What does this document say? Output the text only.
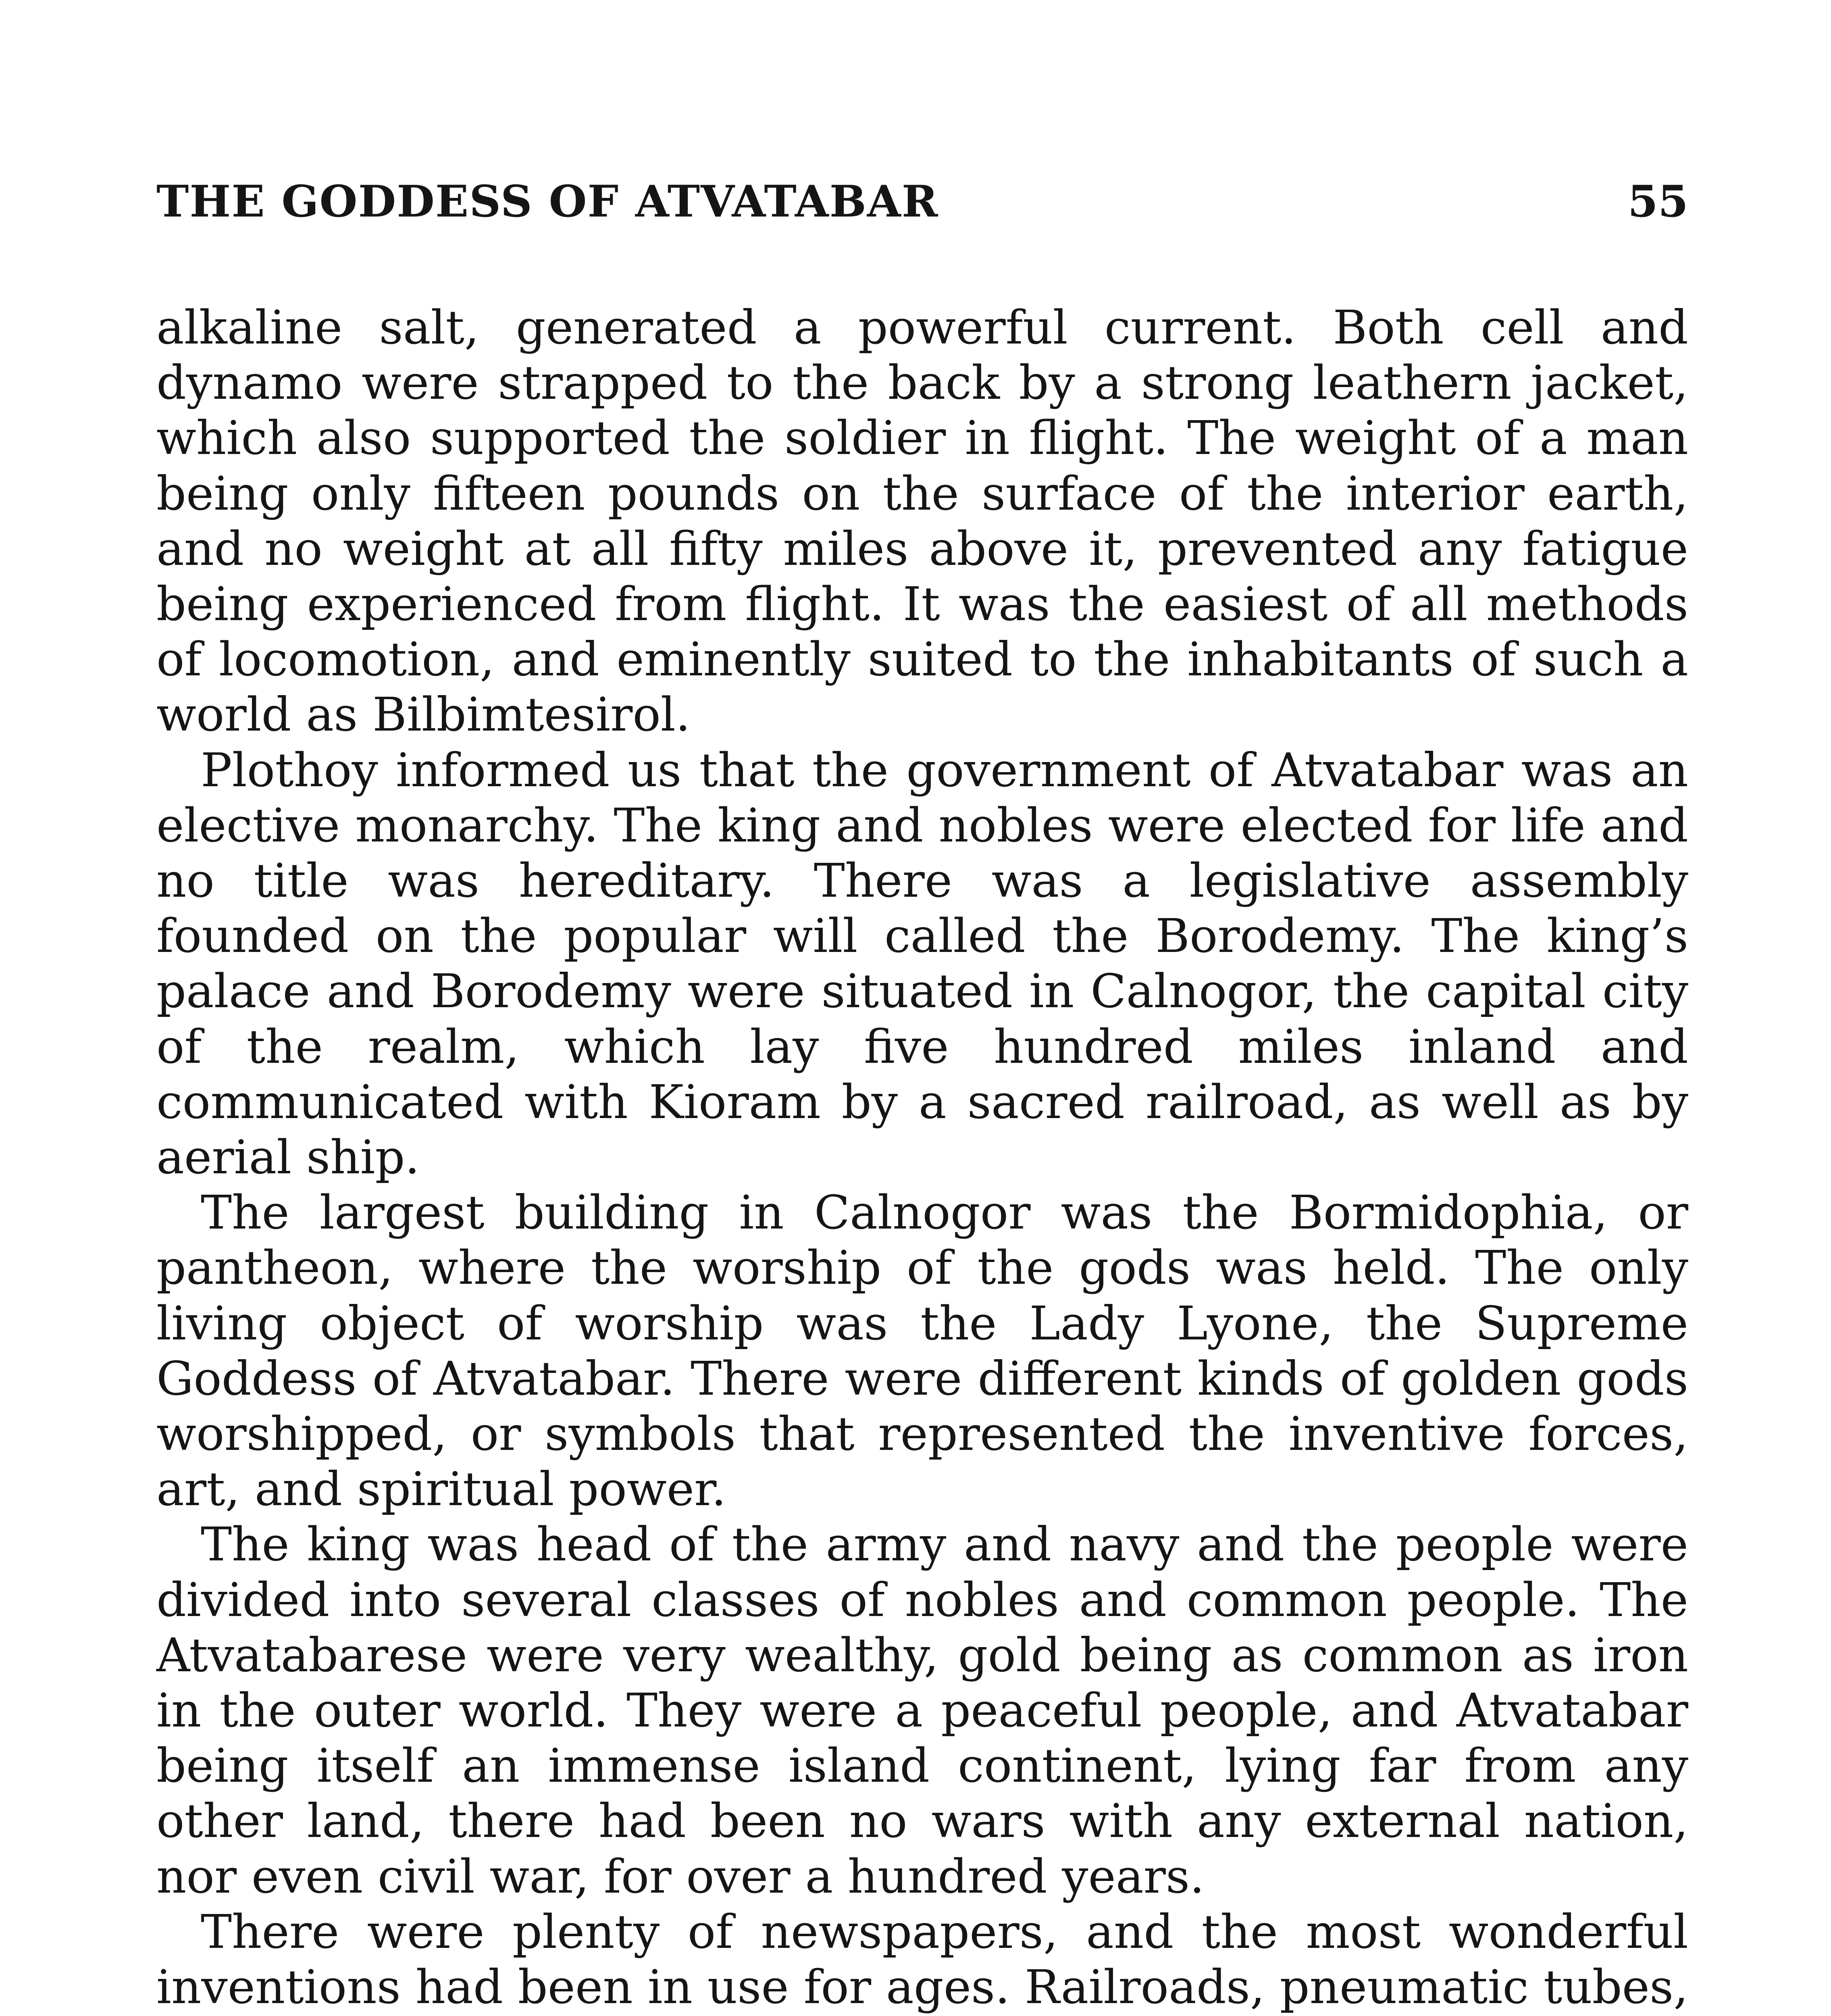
THE GODDESS OF ATVATABAR	55

alkaline salt, generated a powerful current. Both cell and dynamo were strapped to the back by a strong leathern jacket, which also supported the soldier in flight. The weight of a man being only fifteen pounds on the surface of the interior earth, and no weight at all fifty miles above it, prevented any fatigue being experienced from flight. It was the easiest of all methods of locomotion, and eminently suited to the inhabitants of such a world as Bilbimtesirol.

Plothoy informed us that the government of Atvatabar was an elective monarchy. The king and nobles were elected for life and no title was hereditary. There was a legislative assembly founded on the popular will called the Borodemy. The king’s palace and Borodemy were situated in Calnogor, the capital city of the realm, which lay five hundred miles inland and communicated with Kioram by a sacred railroad, as well as by aerial ship.

The largest building in Calnogor was the Bormidophia, or pantheon, where the worship of the gods was held. The only living object of worship was the Lady Lyone, the Supreme Goddess of Atvatabar. There were different kinds of golden gods worshipped, or symbols that represented the inventive forces, art, and spiritual power.

The king was head of the army and navy and the people were divided into several classes of nobles and common people. The Atvatabarese were very wealthy, gold being as common as iron in the outer world. They were a peaceful people, and Atvatabar being itself an immense island continent, lying far from any other land, there had been no wars with any external nation, nor even civil war, for over a hundred years.

There were plenty of newspapers, and the most wonderful inventions had been in use for ages. Railroads, pneumatic tubes,
